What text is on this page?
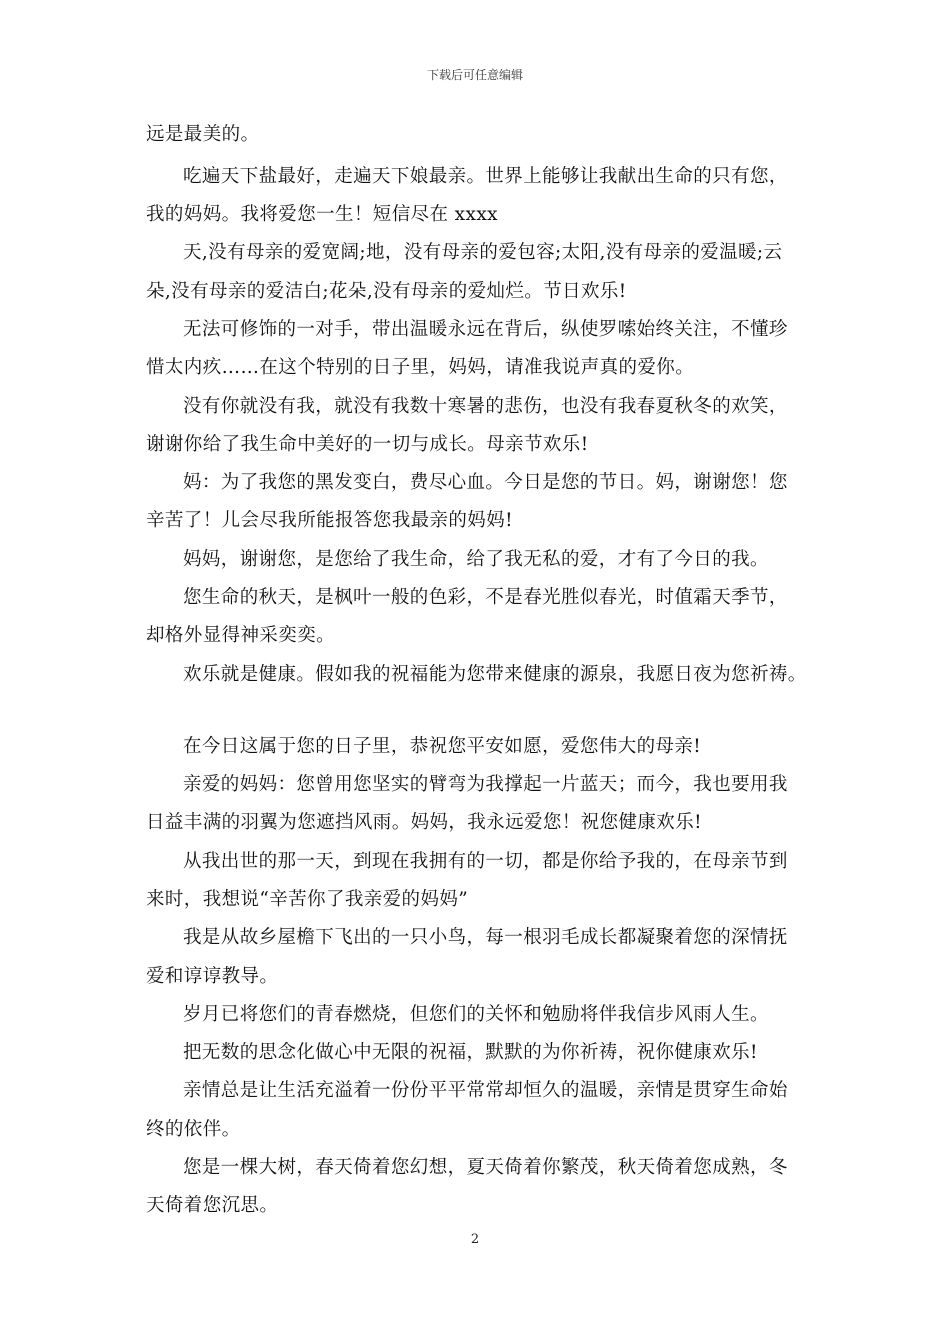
下载后可任意编辑
远是最美的。
吃遍天下盐最好，走遍天下娘最亲。世界上能够让我献出生命的只有您，
我的妈妈。我将爱您一生！短信尽在 xxxx
天,没有母亲的爱宽阔;地，没有母亲的爱包容;太阳,没有母亲的爱温暖;云
朵,没有母亲的爱洁白;花朵,没有母亲的爱灿烂。节日欢乐!
无法可修饰的一对手，带出温暖永远在背后，纵使罗嗦始终关注，不懂珍
惜太内疚……在这个特别的日子里，妈妈，请准我说声真的爱你。
没有你就没有我，就没有我数十寒暑的悲伤，也没有我春夏秋冬的欢笑，
谢谢你给了我生命中美好的一切与成长。母亲节欢乐!
妈：为了我您的黑发变白，费尽心血。今日是您的节日。妈，谢谢您！您
辛苦了！儿会尽我所能报答您我最亲的妈妈!
妈妈，谢谢您，是您给了我生命，给了我无私的爱，才有了今日的我。
您生命的秋天，是枫叶一般的色彩，不是春光胜似春光，时值霜天季节，
却格外显得神采奕奕。
欢乐就是健康。假如我的祝福能为您带来健康的源泉，我愿日夜为您祈祷。
在今日这属于您的日子里，恭祝您平安如愿，爱您伟大的母亲!
亲爱的妈妈：您曾用您坚实的臂弯为我撑起一片蓝天；而今，我也要用我
日益丰满的羽翼为您遮挡风雨。妈妈，我永远爱您！祝您健康欢乐!
从我出世的那一天，到现在我拥有的一切，都是你给予我的，在母亲节到
来时，我想说“辛苦你了我亲爱的妈妈”
我是从故乡屋檐下飞出的一只小鸟，每一根羽毛成长都凝聚着您的深情抚
爱和谆谆教导。
岁月已将您们的青春燃烧，但您们的关怀和勉励将伴我信步风雨人生。
把无数的思念化做心中无限的祝福，默默的为你祈祷，祝你健康欢乐!
亲情总是让生活充溢着一份份平平常常却恒久的温暖，亲情是贯穿生命始
终的依伴。
您是一棵大树，春天倚着您幻想，夏天倚着你繁茂，秋天倚着您成熟，冬
天倚着您沉思。
2
